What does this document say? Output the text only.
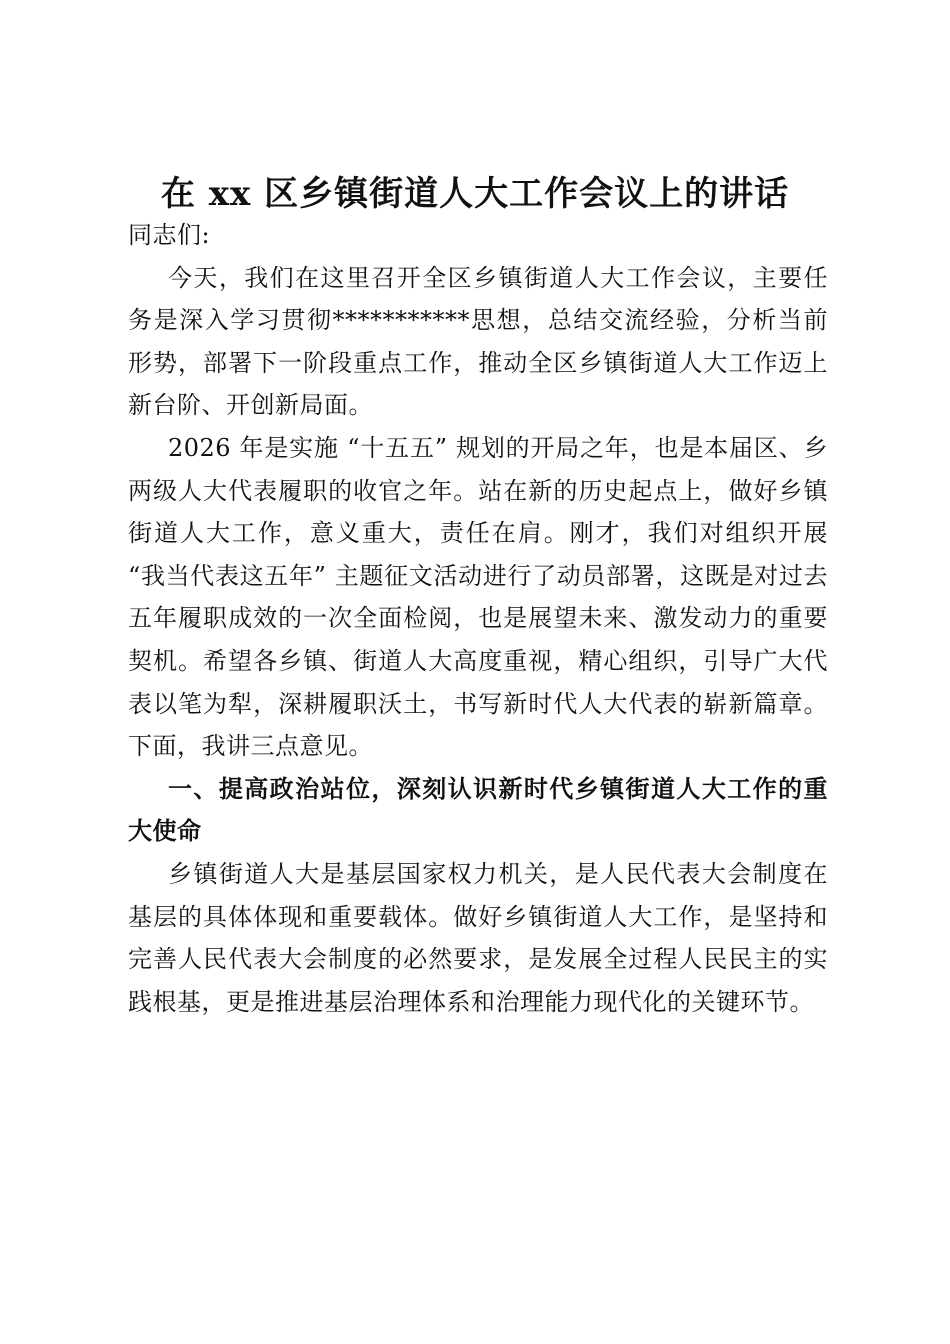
在 xx 区乡镇街道人大工作会议上的讲话

同志们:

今天，我们在这里召开全区乡镇街道人大工作会议，主要任务是深入学习贯彻***********思想，总结交流经验，分析当前形势，部署下一阶段重点工作，推动全区乡镇街道人大工作迈上新台阶、开创新局面。

2026 年是实施 “十五五” 规划的开局之年，也是本届区、乡两级人大代表履职的收官之年。站在新的历史起点上，做好乡镇街道人大工作，意义重大，责任在肩。刚才，我们对组织开展 “我当代表这五年” 主题征文活动进行了动员部署，这既是对过去五年履职成效的一次全面检阅，也是展望未来、激发动力的重要契机。希望各乡镇、街道人大高度重视，精心组织，引导广大代表以笔为犁，深耕履职沃土，书写新时代人大代表的崭新篇章。下面，我讲三点意见。

一、提高政治站位，深刻认识新时代乡镇街道人大工作的重大使命

乡镇街道人大是基层国家权力机关，是人民代表大会制度在基层的具体体现和重要载体。做好乡镇街道人大工作，是坚持和完善人民代表大会制度的必然要求，是发展全过程人民民主的实践根基，更是推进基层治理体系和治理能力现代化的关键环节。
